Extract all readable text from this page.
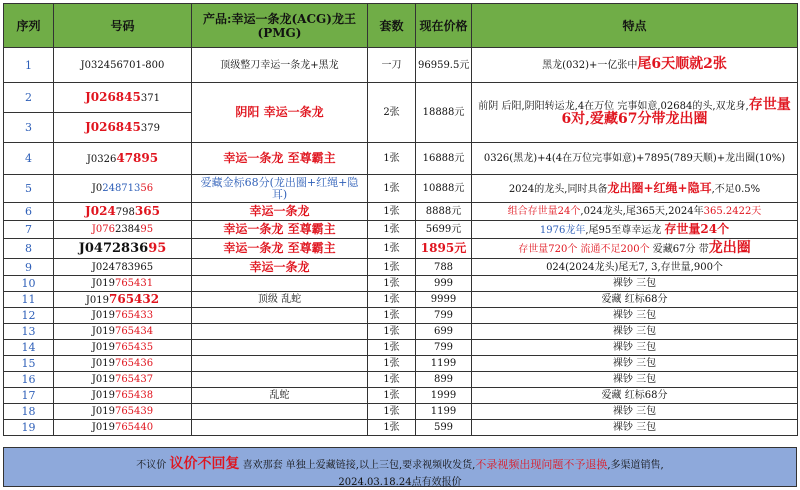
序列	号码	产品:幸运一条龙(ACG)龙王(PMG)	套数	现在价格	特点
1	J032456701-800	顶级整刀幸运一条龙+黑龙	一刀	96959.5元	黑龙(032)+一亿张中尾6天顺就2张
2	J026845371	阴阳 幸运一条龙	2张	18888元	前阴 后阳,阴阳转运龙,4在万位 完事如意,02684的头,双龙身,存世量6对,爱藏67分带龙出圈
3	J026845379				
4	J032647895	幸运一条龙 至尊霸主	1张	16888元	0326(黑龙)+4(4在万位完事如意)+7895(789天顺)+龙出圈(10%)
5	J024871356	爱藏金标68分(龙出圈+红绳+隐耳)	1张	10888元	2024的龙头,同时具备龙出圈+红绳+隐耳,不足0.5%
6	J024798365	幸运一条龙	1张	8888元	组合存世量24个,024龙头,尾365天,2024年365.2422天
7	J076238495	幸运一条龙 至尊霸主	1张	5699元	1976龙年,尾95至尊幸运龙 存世量24个
8	J047283695	幸运一条龙 至尊霸主	1张	1895元	存世量720个 流通不足200个 爱藏67分 带龙出圈
9	J024783965	幸运一条龙	1张	788	024(2024龙头)尾无7, 3,存世量,900个
10	J019765431		1张	999	裸钞 三包
11	J019765432	顶级 乱蛇	1张	9999	爱藏 红标68分
12	J019765433		1张	799	裸钞 三包
13	J019765434		1张	699	裸钞 三包
14	J019765435		1张	799	裸钞 三包
15	J019765436		1张	1199	裸钞 三包
16	J019765437		1张	899	裸钞 三包
17	J019765438	乱蛇	1张	1999	爱藏 红标68分
18	J019765439		1张	1199	裸钞 三包
19	J019765440		1张	599	裸钞 三包
不议价 议价不回复 喜欢那套 单独上爱藏链接,以上三包,要求视频收发货,不录视频出现问题不予退换,多渠道销售,
2024.03.18.24点有效报价
